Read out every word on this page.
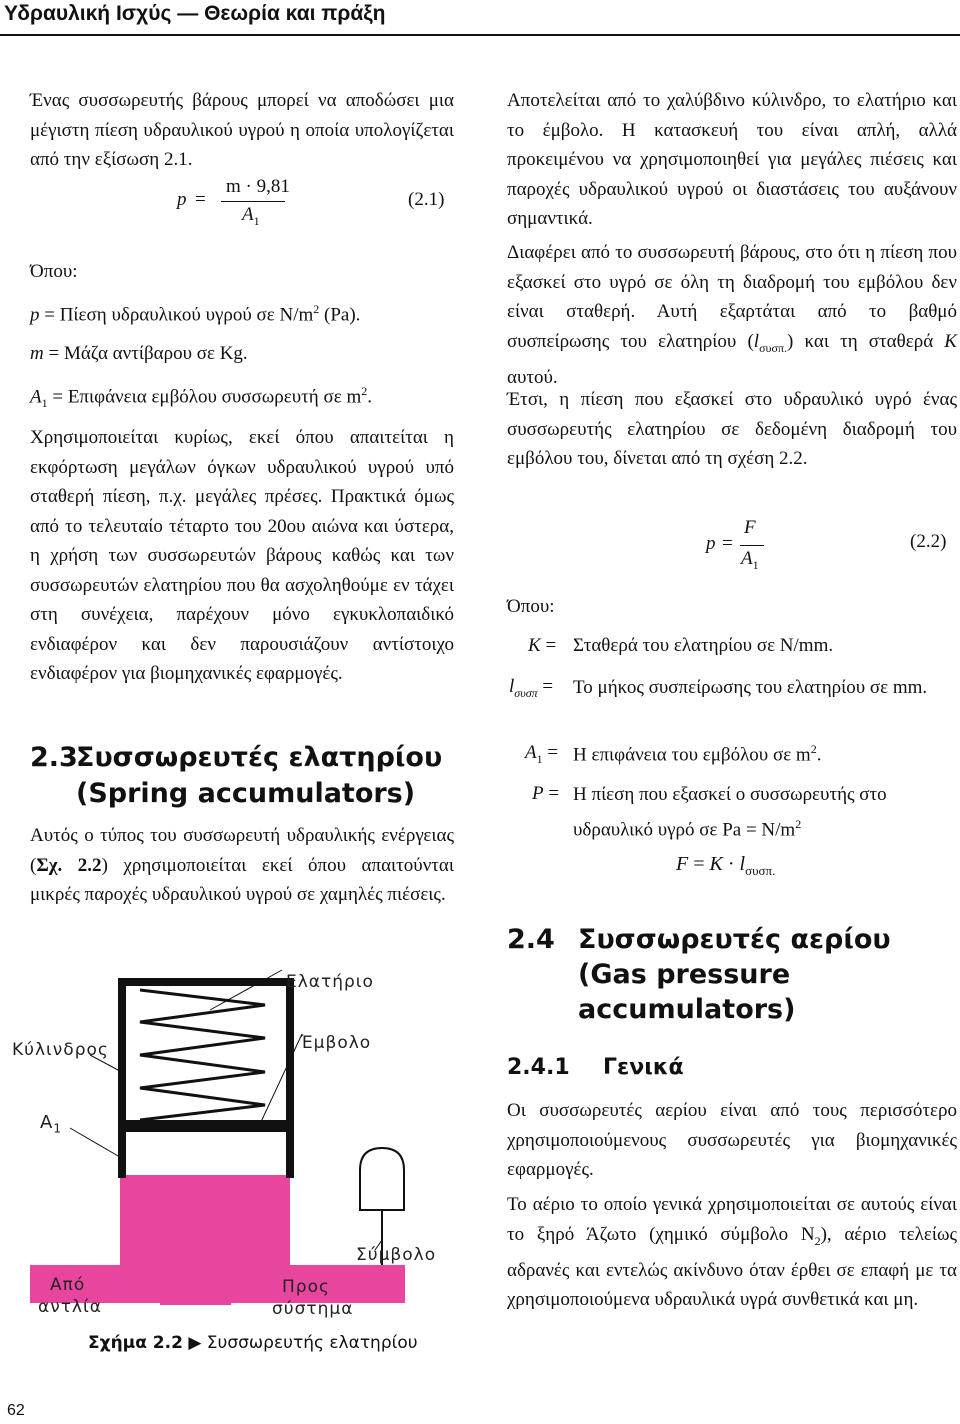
Υδραυλική Ισχύς — Θεωρία και πράξη

Ένας συσσωρευτής βάρους μπορεί να αποδώσει μια μέγιστη πίεση υδραυλικού υγρού η οποία υπολογίζεται από την εξίσωση 2.1.

p =
m · 9,81
$A_1$
(2.1)
Όπου:
p = Πίεση υδραυλικού υγρού σε $N/m^2$ (Pa).
m = Μάζα αντίβαρου σε Kg.
$A_1 = E\pi\iota\varphi ά\nu\varepsilon\iota\alpha$ εμβόλου συσσωρευτή σε $m^2$.

Χρησιμοποιείται κυρίως, εκεί όπου απαιτείται η εκφόρτωση μεγάλων όγκων υδραυλικού υγρού υπό σταθερή πίεση, π.χ. μεγάλες πρέσες. Πρακτικά όμως από το τελευταίο τέταρτο του 20ου αιώνα και ύστερα, η χρήση των συσσωρευτών βάρους καθώς και των συσσωρευτών ελατηρίου που θα ασχοληθούμε εν τάχει στη συνέχεια, παρέχουν μόνο εγκυκλοπαιδικό ενδιαφέρον και δεν παρουσιάζουν αντίστοιχο ενδιαφέρον για βιομηχανικές εφαρμογές.

2.3
Συσσωρευτές ελατηρίου
(Spring accumulators)

Αυτός ο τύπος του συσσωρευτή υδραυλικής ενέργειας (Σχ. 2.2) χρησιμοποιείται εκεί όπου απαιτούνται μικρές παροχές υδραυλικού υγρού σε χαμηλές πιέσεις.

Ελατήριο
Έμβολο
Κύλινδρος
$A_1$
Σύμβολο
Από
αντλία
Προς
σύστημα
Σχήμα 2.2 ▶ Συσσωρευτής ελατηρίου

Αποτελείται από το χαλύβδινο κύλινδρο, το ελατήριο και το έμβολο. Η κατασκευή του είναι απλή, αλλά προκειμένου να χρησιμοποιηθεί για μεγάλες πιέσεις και παροχές υδραυλικού υγρού οι διαστάσεις του αυξάνουν σημαντικά.

Διαφέρει από το συσσωρευτή βάρους, στο ότι η πίεση που εξασκεί στο υγρό σε όλη τη διαδρομή του εμβόλου δεν είναι σταθερή. Αυτή εξαρτάται από το βαθμό συσπείρωσης του ελατηρίου $(l_{\sigma\upsilon\sigma\pi.})$ και τη σταθερά K αυτού.

Έτσι, η πίεση που εξασκεί στο υδραυλικό υγρό ένας συσσωρευτής ελατηρίου σε δεδομένη διαδρομή του εμβόλου του, δίνεται από τη σχέση 2.2.

p =
F
$A_1$
(2.2)
Όπου:
K = Σταθερά του ελατηρίου σε N/mm.
$l_{\sigma\upsilon\sigma\pi} = To$ μήκος συσπείρωσης του ελατηρίου σε mm.

$A_1 = H$ επιφάνεια του εμβόλου σε $m^2$.
P = Η πίεση που εξασκεί ο συσσωρευτής στο υδραυλικό υγρό σε $Pa = N/m^2$

$F = K \cdot l_{\sigma\upsilon\sigma\pi.}$
2.4 Συσσωρευτές αερίου
(Gas pressure
accumulators)
2.4.1 Γενικά

Οι συσσωρευτές αερίου είναι από τους περισσότερο χρησιμοποιούμενους συσσωρευτές για βιομηχανικές εφαρμογές.

Το αέριο το οποίο γενικά χρησιμοποιείται σε αυτούς είναι το ξηρό Άζωτο (χημικό σύμβολο $N_2$), αέριο τελείως αδρανές και εντελώς ακίνδυνο όταν έρθει σε επαφή με τα χρησιμοποιούμενα υδραυλικά υγρά συνθετικά και μη.

62
